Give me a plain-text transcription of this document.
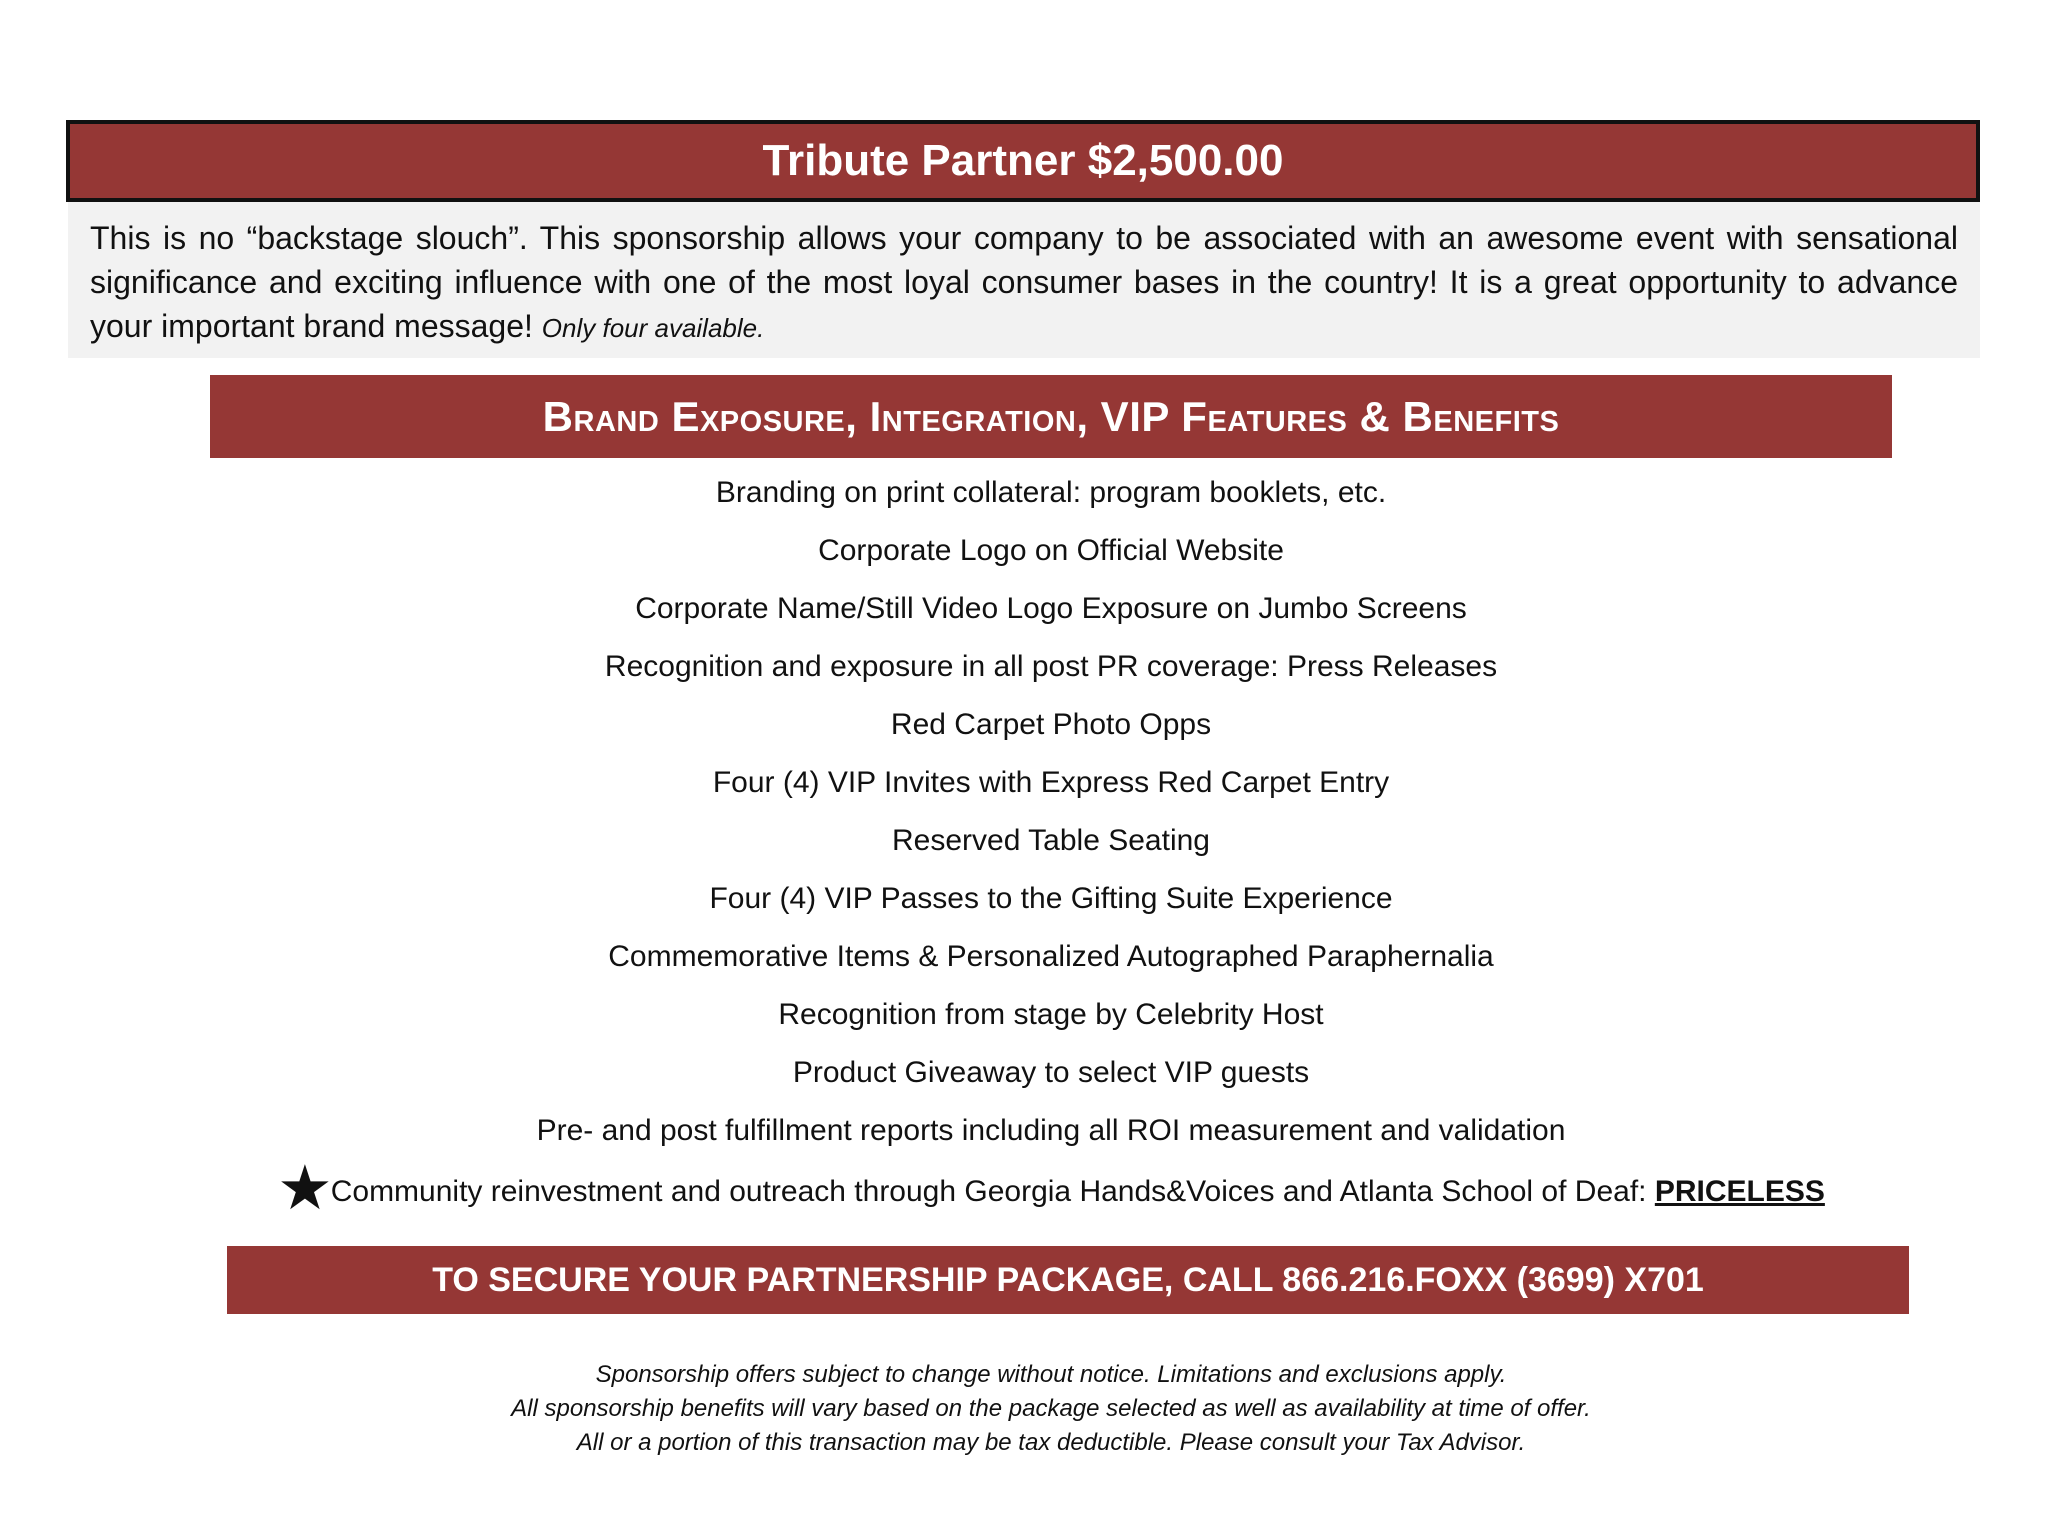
Tribute Partner $2,500.00
This is no “backstage slouch”. This sponsorship allows your company to be associated with an awesome event with sensational significance and exciting influence with one of the most loyal consumer bases in the country! It is a great opportunity to advance your important brand message! Only four available.
Brand Exposure, Integration, VIP Features & Benefits
Branding on print collateral: program booklets, etc.
Corporate Logo on Official Website
Corporate Name/Still Video Logo Exposure on Jumbo Screens
Recognition and exposure in all post PR coverage: Press Releases
Red Carpet Photo Opps
Four (4) VIP Invites with Express Red Carpet Entry
Reserved Table Seating
Four (4) VIP Passes to the Gifting Suite Experience
Commemorative Items & Personalized Autographed Paraphernalia
Recognition from stage by Celebrity Host
Product Giveaway to select VIP guests
Pre- and post fulfillment reports including all ROI measurement and validation
★Community reinvestment and outreach through Georgia Hands&Voices and Atlanta School of Deaf: PRICELESS
TO SECURE YOUR PARTNERSHIP PACKAGE, CALL 866.216.FOXX (3699) X701
Sponsorship offers subject to change without notice. Limitations and exclusions apply.
All sponsorship benefits will vary based on the package selected as well as availability at time of offer.
All or a portion of this transaction may be tax deductible. Please consult your Tax Advisor.
